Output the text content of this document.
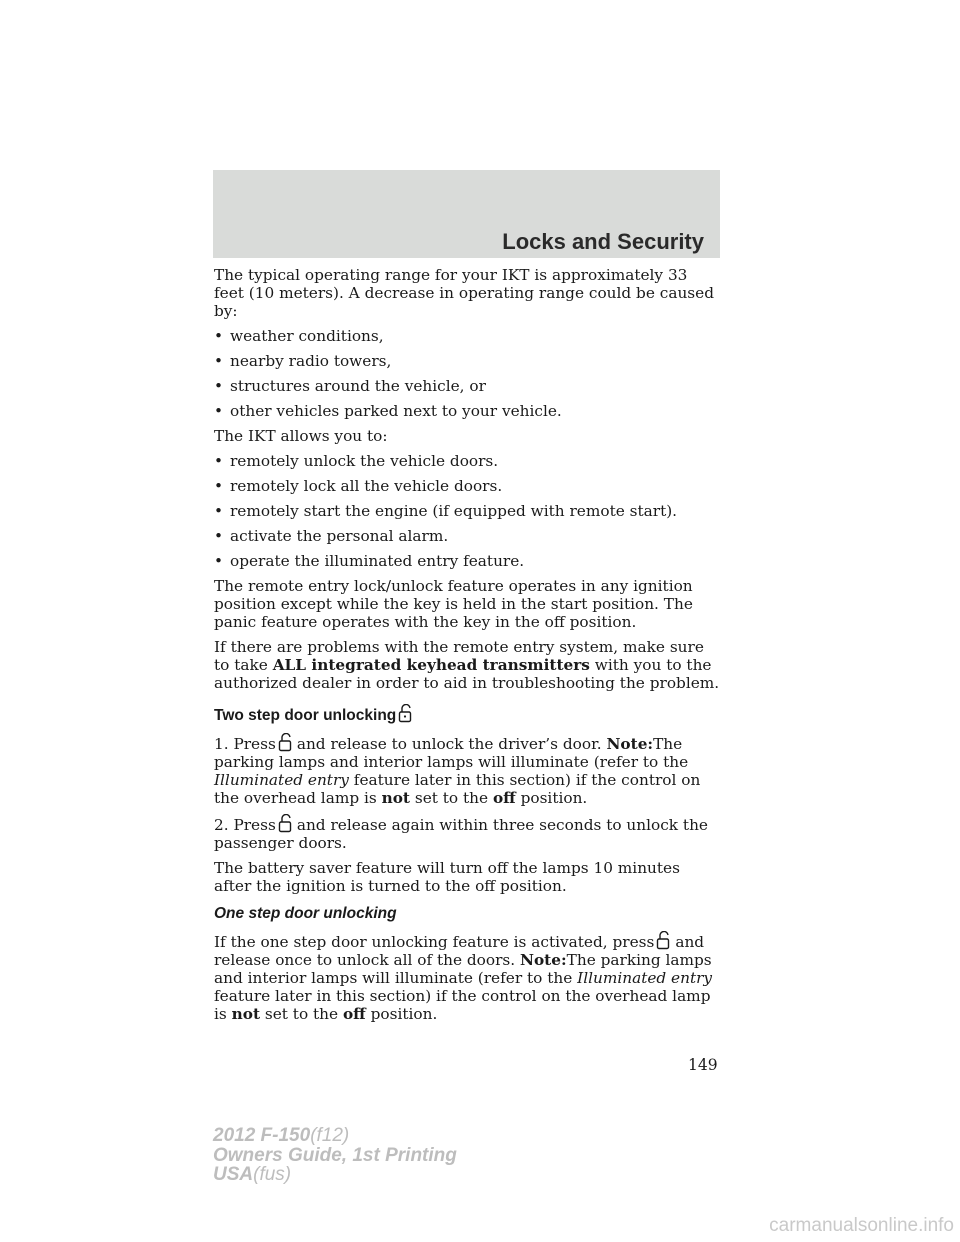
Locks and Security

The typical operating range for your IKT is approximately 33 feet (10 meters). A decrease in operating range could be caused by:

• weather conditions,
• nearby radio towers,
• structures around the vehicle, or
• other vehicles parked next to your vehicle.

The IKT allows you to:

• remotely unlock the vehicle doors.
• remotely lock all the vehicle doors.
• remotely start the engine (if equipped with remote start).
• activate the personal alarm.
• operate the illuminated entry feature.

The remote entry lock/unlock feature operates in any ignition position except while the key is held in the start position. The panic feature operates with the key in the off position.

If there are problems with the remote entry system, make sure to take ALL integrated keyhead transmitters with you to the authorized dealer in order to aid in troubleshooting the problem.

Two step door unlocking

1. Press and release to unlock the driver’s door. Note:The parking lamps and interior lamps will illuminate (refer to the Illuminated entry feature later in this section) if the control on the overhead lamp is not set to the off position.

2. Press and release again within three seconds to unlock the passenger doors.

The battery saver feature will turn off the lamps 10 minutes after the ignition is turned to the off position.

One step door unlocking

If the one step door unlocking feature is activated, press and release once to unlock all of the doors. Note:The parking lamps and interior lamps will illuminate (refer to the Illuminated entry feature later in this section) if the control on the overhead lamp is not set to the off position.

149
2012 F-150(f12)
Owners Guide, 1st Printing
USA(fus)
carmanualsonline.info
